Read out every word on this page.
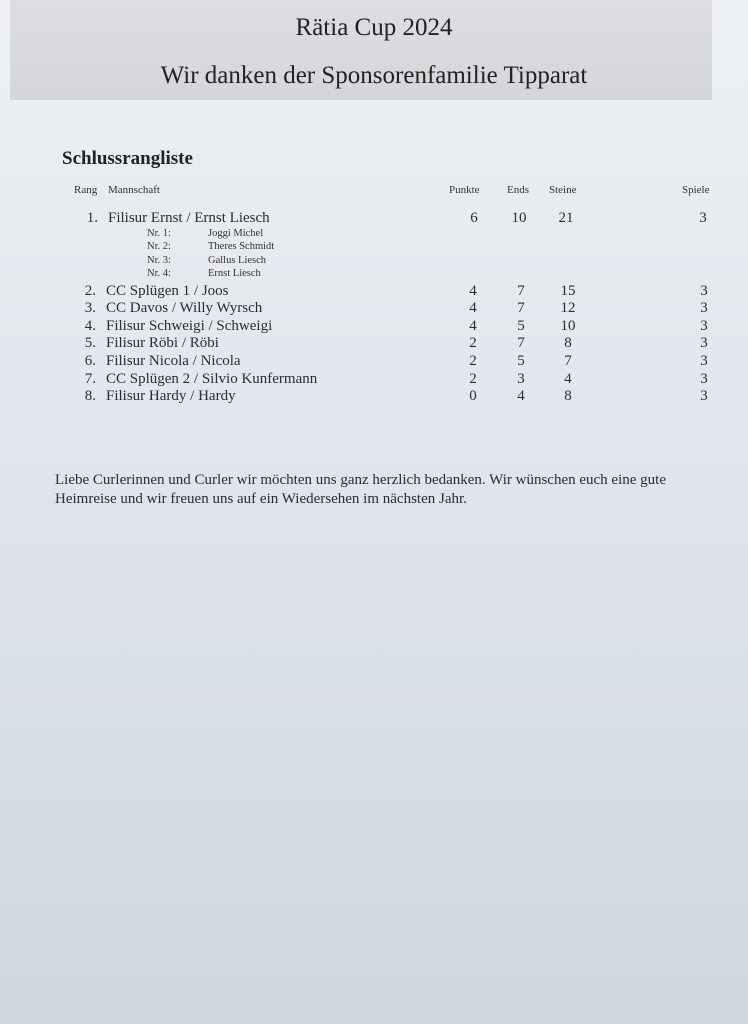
Rätia Cup 2024
Wir danken der Sponsorenfamilie Tipparat
Schlussrangliste
Rang Mannschaft	Punkte Ends Steine	Spiele
1. Filisur Ernst / Ernst Liesch	6	10	21	3
Nr. 1:	Joggi Michel
Nr. 2:	Theres Schmidt
Nr. 3:	Gallus Liesch
Nr. 4:	Ernst Liesch
2. CC Splügen 1 / Joos	4	7	15	3
3. CC Davos / Willy Wyrsch	4	7	12	3
4. Filisur Schweigi / Schweigi	4	5	10	3
5. Filisur Röbi / Röbi	2	7	8	3
6. Filisur Nicola / Nicola	2	5	7	3
7. CC Splügen 2 / Silvio Kunfermann	2	3	4	3
8. Filisur Hardy / Hardy	0	4	8	3
Liebe Curlerinnen und Curler wir möchten uns ganz herzlich bedanken. Wir wünschen euch eine gute
Heimreise und wir freuen uns auf ein Wiedersehen im nächsten Jahr.
